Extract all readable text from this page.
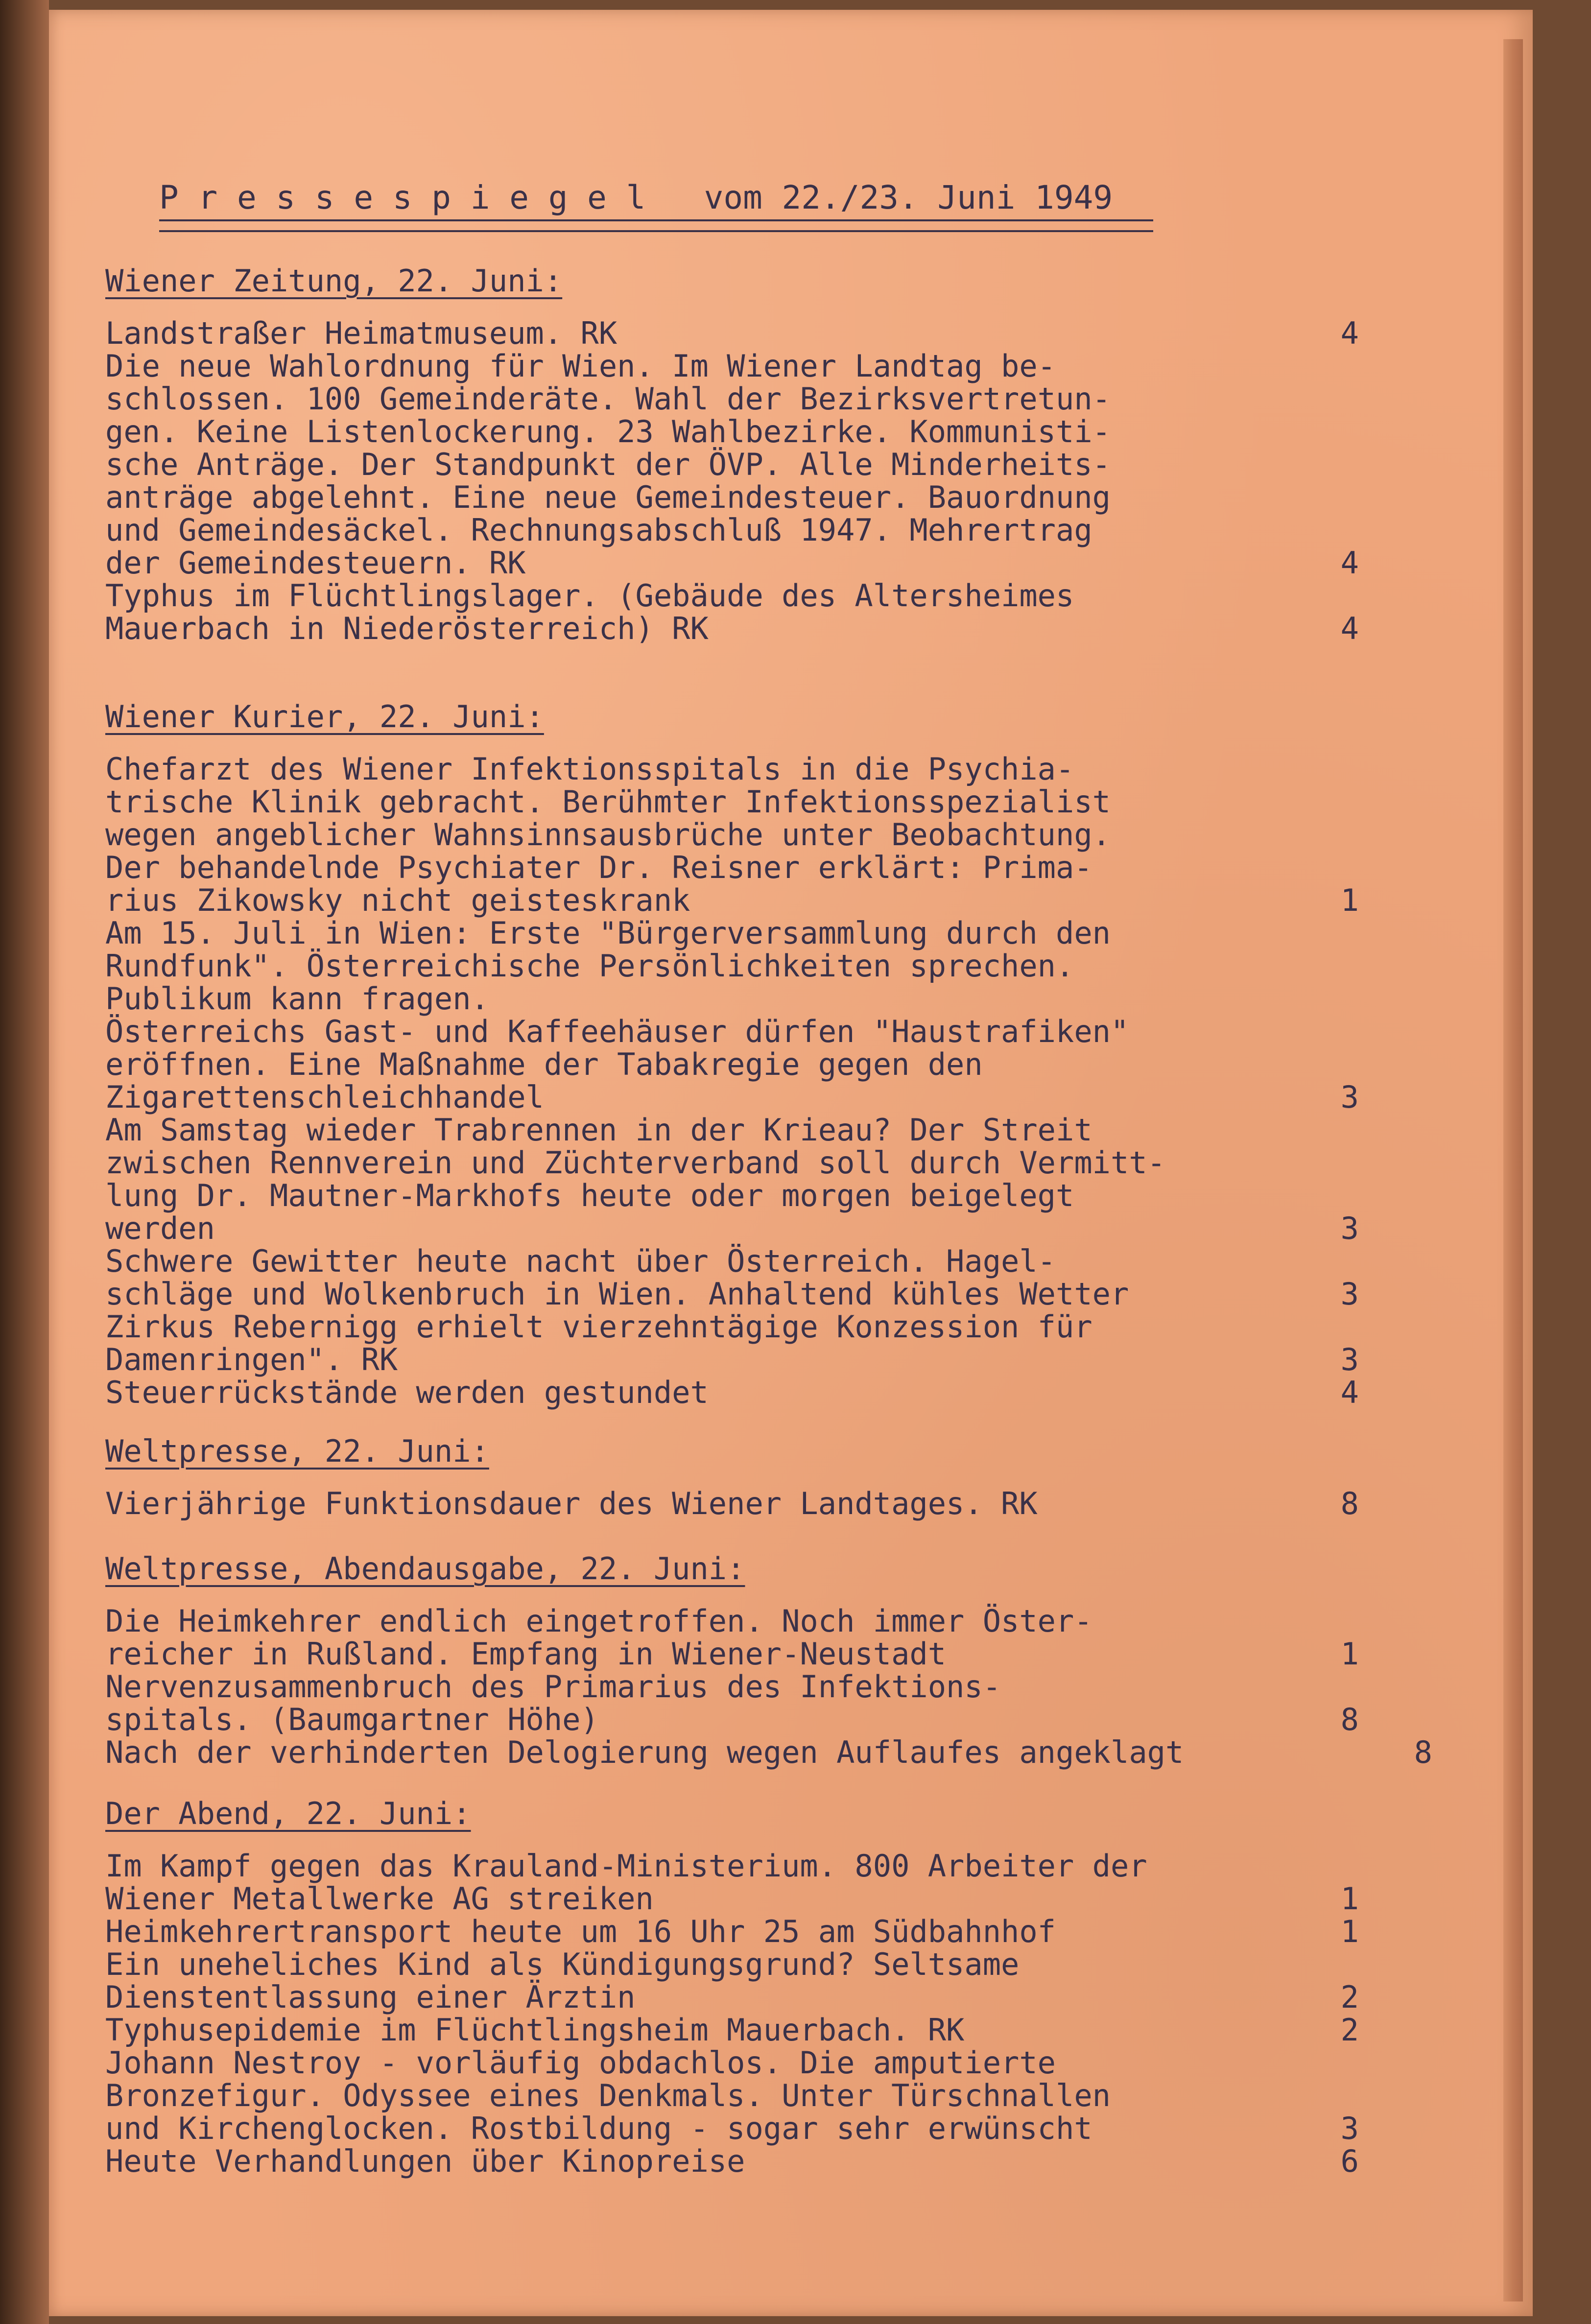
P r e s s e s p i e g e l vom 22./23. Juni 1949
Wiener Zeitung, 22. Juni:
Landstraßer Heimatmuseum. RK	4
Die neue Wahlordnung für Wien. Im Wiener Landtag be-
schlossen. 100 Gemeinderäte. Wahl der Bezirksvertretun-
gen. Keine Listenlockerung. 23 Wahlbezirke. Kommunisti-
sche Anträge. Der Standpunkt der ÖVP. Alle Minderheits-
anträge abgelehnt. Eine neue Gemeindesteuer. Bauordnung
und Gemeindesäckel. Rechnungsabschluß 1947. Mehrertrag
der Gemeindesteuern. RK	4
Typhus im Flüchtlingslager. (Gebäude des Altersheimes
Mauerbach in Niederösterreich) RK	4
Wiener Kurier, 22. Juni:
Chefarzt des Wiener Infektionsspitals in die Psychia-
trische Klinik gebracht. Berühmter Infektionsspezialist
wegen angeblicher Wahnsinnsausbrüche unter Beobachtung.
Der behandelnde Psychiater Dr. Reisner erklärt: Prima-
rius Zikowsky nicht geisteskrank	1
Am 15. Juli in Wien: Erste "Bürgerversammlung durch den
Rundfunk". Österreichische Persönlichkeiten sprechen.
Publikum kann fragen.
Österreichs Gast- und Kaffeehäuser dürfen "Haustrafiken"
eröffnen. Eine Maßnahme der Tabakregie gegen den
Zigarettenschleichhandel	3
Am Samstag wieder Trabrennen in der Krieau? Der Streit
zwischen Rennverein und Züchterverband soll durch Vermitt-
lung Dr. Mautner-Markhofs heute oder morgen beigelegt
werden	3
Schwere Gewitter heute nacht über Österreich. Hagel-
schläge und Wolkenbruch in Wien. Anhaltend kühles Wetter	3
Zirkus Rebernigg erhielt vierzehntägige Konzession für
Damenringen". RK	3
Steuerrückstände werden gestundet	4
Weltpresse, 22. Juni:
Vierjährige Funktionsdauer des Wiener Landtages. RK	8
Weltpresse, Abendausgabe, 22. Juni:
Die Heimkehrer endlich eingetroffen. Noch immer Öster-
reicher in Rußland. Empfang in Wiener-Neustadt	1
Nervenzusammenbruch des Primarius des Infektions-
spitals. (Baumgartner Höhe)	8
Nach der verhinderten Delogierung wegen Auflaufes angeklagt	8
Der Abend, 22. Juni:
Im Kampf gegen das Krauland-Ministerium. 800 Arbeiter der
Wiener Metallwerke AG streiken	1
Heimkehrertransport heute um 16 Uhr 25 am Südbahnhof	1
Ein uneheliches Kind als Kündigungsgrund? Seltsame
Dienstentlassung einer Ärztin	2
Typhusepidemie im Flüchtlingsheim Mauerbach. RK	2
Johann Nestroy - vorläufig obdachlos. Die amputierte
Bronzefigur. Odyssee eines Denkmals. Unter Türschnallen
und Kirchenglocken. Rostbildung - sogar sehr erwünscht	3
Heute Verhandlungen über Kinopreise	6
